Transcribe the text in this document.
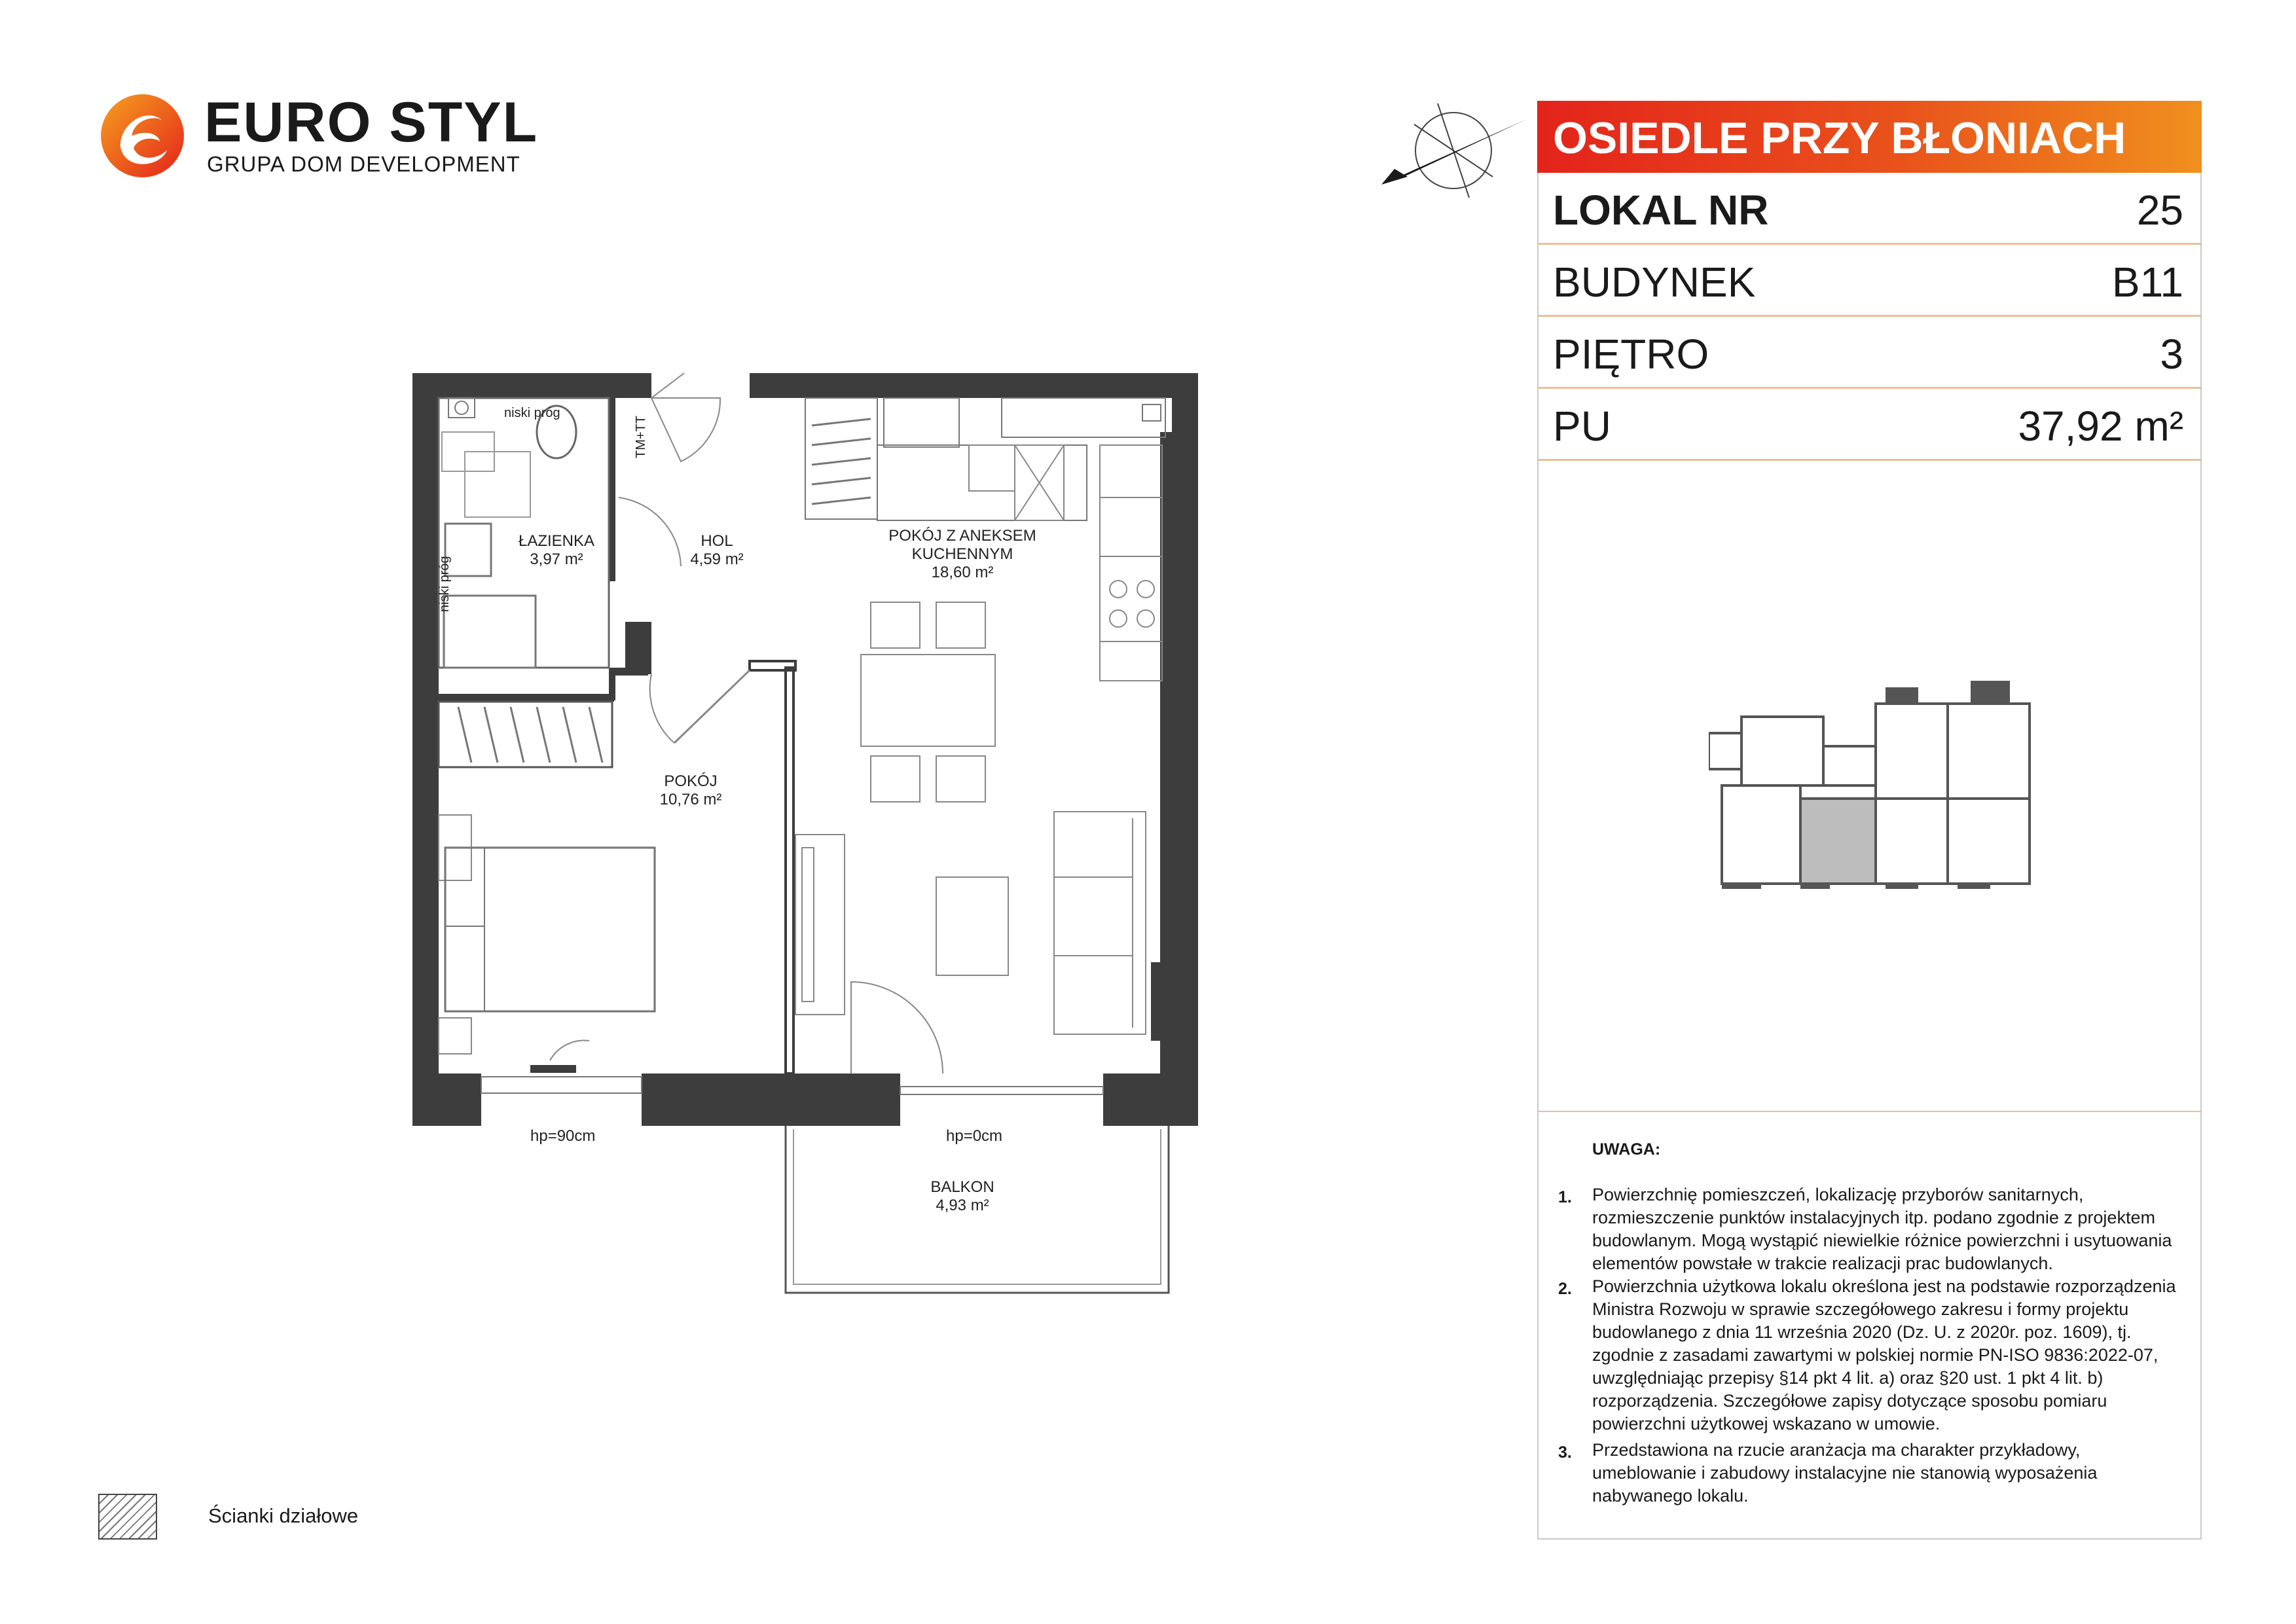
EURO STYL
GRUPA DOM DEVELOPMENT
OSIEDLE PRZY BŁONIACH
LOKAL NR	25
BUDYNEK	B11
PIĘTRO	3
PU	37,92 m²
UWAGA:
1. Powierzchnię pomieszczeń, lokalizację przyborów sanitarnych, rozmieszczenie punktów instalacyjnych itp. podano zgodnie z projektem budowlanym. Mogą wystąpić niewielkie różnice powierzchni i usytuowania elementów powstałe w trakcie realizacji prac budowlanych.
2. Powierzchnia użytkowa lokalu określona jest na podstawie rozporządzenia Ministra Rozwoju w sprawie szczegółowego zakresu i formy projektu budowlanego z dnia 11 września 2020 (Dz. U. z 2020r. poz. 1609), tj. zgodnie z zasadami zawartymi w polskiej normie PN-ISO 9836:2022-07, uwzględniając przepisy §14 pkt 4 lit. a) oraz §20 ust. 1 pkt 4 lit. b) rozporządzenia. Szczegółowe zapisy dotyczące sposobu pomiaru powierzchni użytkowej wskazano w umowie.
3. Przedstawiona na rzucie aranżacja ma charakter przykładowy, umeblowanie i zabudowy instalacyjne nie stanowią wyposażenia nabywanego lokalu.
ŁAZIENKA
3,97 m²
HOL
4,59 m²
POKÓJ Z ANEKSEM
KUCHENNYM
18,60 m²
POKÓJ
10,76 m²
BALKON
4,93 m²
niski próg
niski próg
TM+TT
hp=90cm	hp=0cm
Ścianki działowe
